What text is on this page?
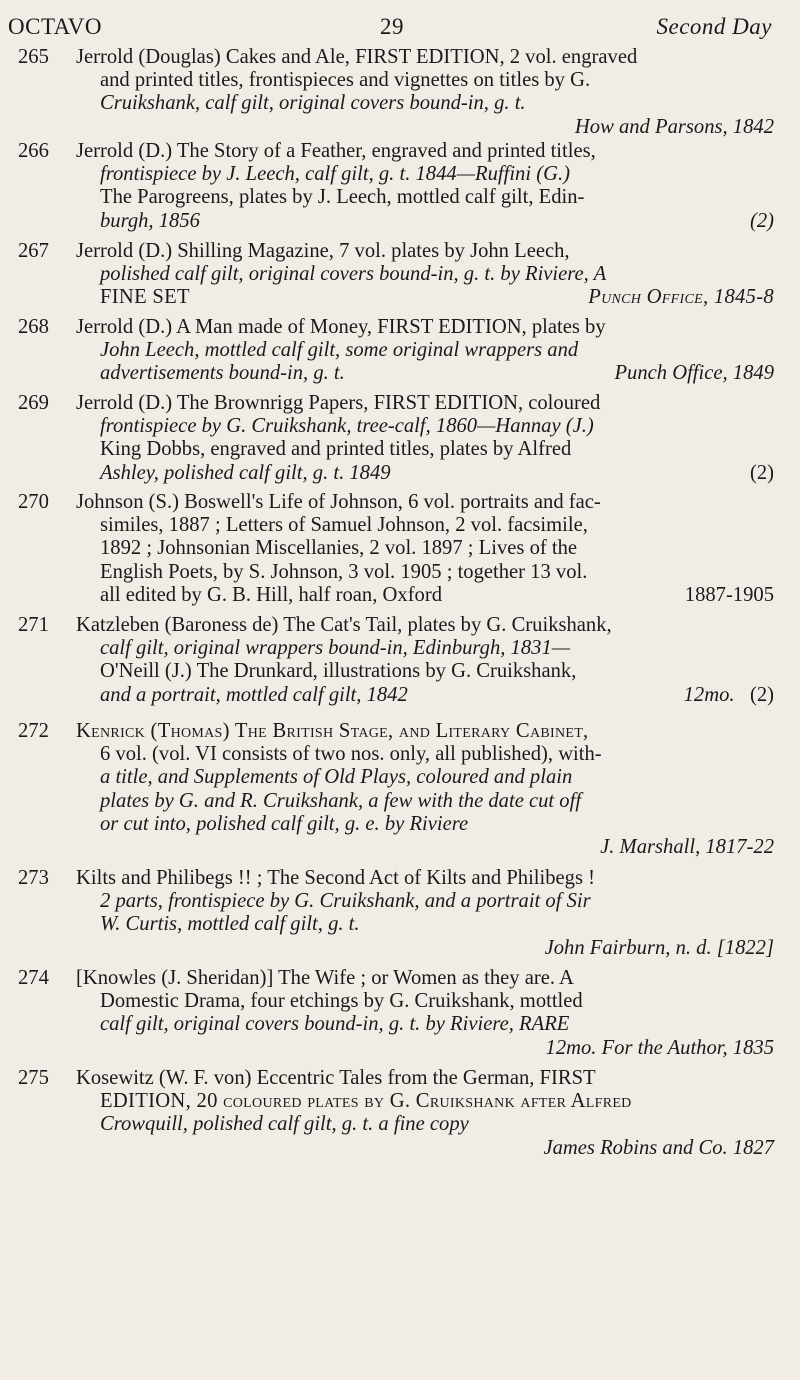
OCTAVO	29	Second Day
265	Jerrold (Douglas) Cakes and Ale, FIRST EDITION, 2 vol. engraved
and printed titles, frontispieces and vignettes on titles by G.
Cruikshank, calf gilt, original covers bound-in, g. t.
How and Parsons, 1842
266	Jerrold (D.) The Story of a Feather, engraved and printed titles,
frontispiece by J. Leech, calf gilt, g. t. 1844—Ruffini (G.)
The Parogreens, plates by J. Leech, mottled calf gilt, Edin-
burgh, 1856	(2)
267	Jerrold (D.) Shilling Magazine, 7 vol. plates by John Leech,
polished calf gilt, original covers bound-in, g. t. by Riviere, A
FINE SET	Punch Office, 1845-8
268	Jerrold (D.) A Man made of Money, FIRST EDITION, plates by
John Leech, mottled calf gilt, some original wrappers and
advertisements bound-in, g. t.	Punch Office, 1849
269	Jerrold (D.) The Brownrigg Papers, FIRST EDITION, coloured
frontispiece by G. Cruikshank, tree-calf, 1860—Hannay (J.)
King Dobbs, engraved and printed titles, plates by Alfred
Ashley, polished calf gilt, g. t. 1849	(2)
270	Johnson (S.) Boswell's Life of Johnson, 6 vol. portraits and fac-
similes, 1887 ; Letters of Samuel Johnson, 2 vol. facsimile,
1892 ; Johnsonian Miscellanies, 2 vol. 1897 ; Lives of the
English Poets, by S. Johnson, 3 vol. 1905 ; together 13 vol.
all edited by G. B. Hill, half roan, Oxford	1887-1905
271	Katzleben (Baroness de) The Cat's Tail, plates by G. Cruikshank,
calf gilt, original wrappers bound-in, Edinburgh, 1831—
O'Neill (J.) The Drunkard, illustrations by G. Cruikshank,
and a portrait, mottled calf gilt, 1842	12mo. (2)
272	Kenrick (Thomas) The British Stage, and Literary Cabinet,
6 vol. (vol. VI consists of two nos. only, all published), with-
a title, and Supplements of Old Plays, coloured and plain
plates by G. and R. Cruikshank, a few with the date cut off
or cut into, polished calf gilt, g. e. by Riviere
J. Marshall, 1817-22
273	Kilts and Philibegs !! ; The Second Act of Kilts and Philibegs !
2 parts, frontispiece by G. Cruikshank, and a portrait of Sir
W. Curtis, mottled calf gilt, g. t.
John Fairburn, n. d. [1822]
274	[Knowles (J. Sheridan)] The Wife ; or Women as they are. A
Domestic Drama, four etchings by G. Cruikshank, mottled
calf gilt, original covers bound-in, g. t. by Riviere, RARE
12mo. For the Author, 1835
275	Kosewitz (W. F. von) Eccentric Tales from the German, FIRST
EDITION, 20 coloured plates by G. Cruikshank after Alfred
Crowquill, polished calf gilt, g. t. a fine copy
James Robins and Co. 1827
